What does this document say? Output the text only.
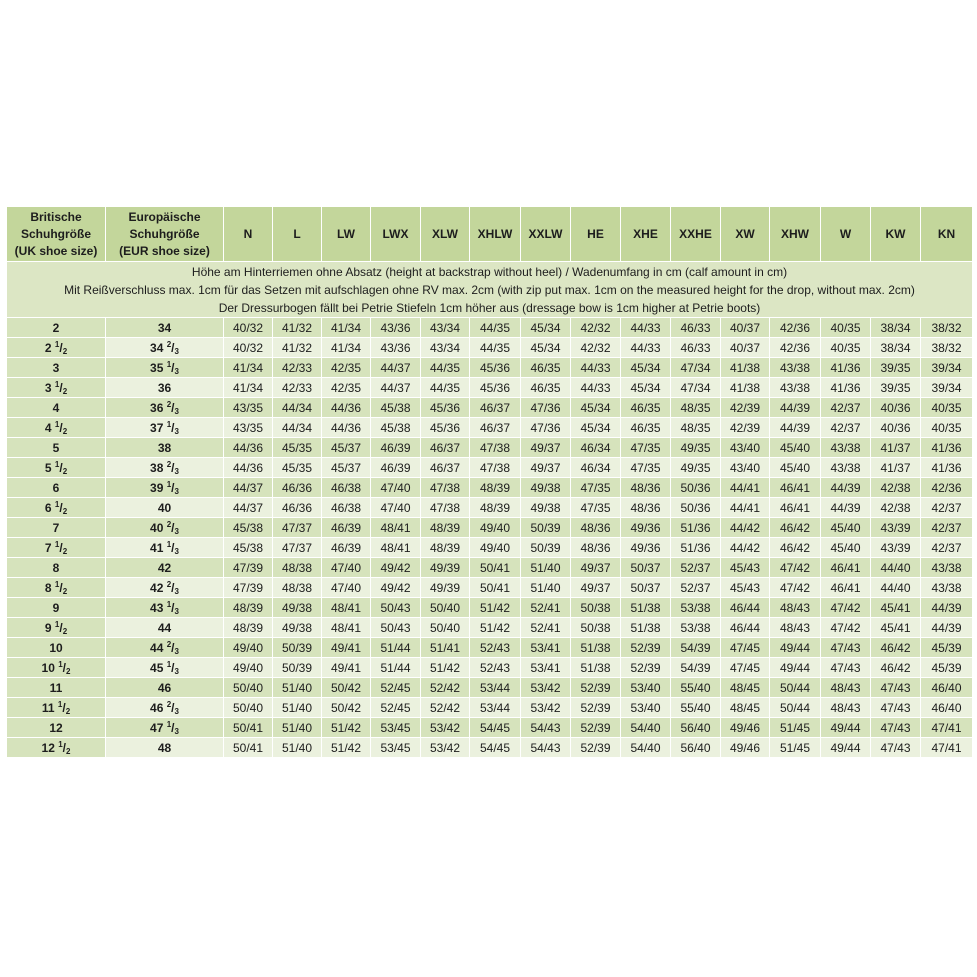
Britische Schuhgröße (UK shoe size)	Europäische Schuhgröße (EUR shoe size)	N	L	LW	LWX	XLW	XHLW	XXLW	HE	XHE	XXHE	XW	XHW	W	KW	KN

Höhe am Hinterriemen ohne Absatz (height at backstrap without heel) / Wadenumfang in cm (calf amount in cm)
Mit Reißverschluss max. 1cm für das Setzen mit aufschlagen ohne RV max. 2cm (with zip put max. 1cm on the measured height for the drop, without max. 2cm)
Der Dressurbogen fällt bei Petrie Stiefeln 1cm höher aus (dressage bow is 1cm higher at Petrie boots)																

2	34	40/32	41/32	41/34	43/36	43/34	44/35	45/34	42/32	44/33	46/33	40/37	42/36	40/35	38/34	38/32
2 $^1/_2$	34 $^2/_3$	40/32	41/32	41/34	43/36	43/34	44/35	45/34	42/32	44/33	46/33	40/37	42/36	40/35	38/34	38/32
3	35 $^1/_3$	41/34	42/33	42/35	44/37	44/35	45/36	46/35	44/33	45/34	47/34	41/38	43/38	41/36	39/35	39/34
3 $^1/_2$	36	41/34	42/33	42/35	44/37	44/35	45/36	46/35	44/33	45/34	47/34	41/38	43/38	41/36	39/35	39/34
4	36 $^2/_3$	43/35	44/34	44/36	45/38	45/36	46/37	47/36	45/34	46/35	48/35	42/39	44/39	42/37	40/36	40/35
4 $^1/_2$	37 $^1/_3$	43/35	44/34	44/36	45/38	45/36	46/37	47/36	45/34	46/35	48/35	42/39	44/39	42/37	40/36	40/35
5	38	44/36	45/35	45/37	46/39	46/37	47/38	49/37	46/34	47/35	49/35	43/40	45/40	43/38	41/37	41/36
5 $^1/_2$	38 $^2/_3$	44/36	45/35	45/37	46/39	46/37	47/38	49/37	46/34	47/35	49/35	43/40	45/40	43/38	41/37	41/36
6	39 $^1/_3$	44/37	46/36	46/38	47/40	47/38	48/39	49/38	47/35	48/36	50/36	44/41	46/41	44/39	42/38	42/36
6 $^1/_2$	40	44/37	46/36	46/38	47/40	47/38	48/39	49/38	47/35	48/36	50/36	44/41	46/41	44/39	42/38	42/37
7	40 $^2/_3$	45/38	47/37	46/39	48/41	48/39	49/40	50/39	48/36	49/36	51/36	44/42	46/42	45/40	43/39	42/37
7 $^1/_2$	41 $^1/_3$	45/38	47/37	46/39	48/41	48/39	49/40	50/39	48/36	49/36	51/36	44/42	46/42	45/40	43/39	42/37
8	42	47/39	48/38	47/40	49/42	49/39	50/41	51/40	49/37	50/37	52/37	45/43	47/42	46/41	44/40	43/38
8 $^1/_2$	42 $^2/_3$	47/39	48/38	47/40	49/42	49/39	50/41	51/40	49/37	50/37	52/37	45/43	47/42	46/41	44/40	43/38
9	43 $^1/_3$	48/39	49/38	48/41	50/43	50/40	51/42	52/41	50/38	51/38	53/38	46/44	48/43	47/42	45/41	44/39
9 $^1/_2$	44	48/39	49/38	48/41	50/43	50/40	51/42	52/41	50/38	51/38	53/38	46/44	48/43	47/42	45/41	44/39
10	44 $^2/_3$	49/40	50/39	49/41	51/44	51/41	52/43	53/41	51/38	52/39	54/39	47/45	49/44	47/43	46/42	45/39
10 $^1/_2$	45 $^1/_3$	49/40	50/39	49/41	51/44	51/42	52/43	53/41	51/38	52/39	54/39	47/45	49/44	47/43	46/42	45/39
11	46	50/40	51/40	50/42	52/45	52/42	53/44	53/42	52/39	53/40	55/40	48/45	50/44	48/43	47/43	46/40
11 $^1/_2$	46 $^2/_3$	50/40	51/40	50/42	52/45	52/42	53/44	53/42	52/39	53/40	55/40	48/45	50/44	48/43	47/43	46/40
12	47 $^1/_3$	50/41	51/40	51/42	53/45	53/42	54/45	54/43	52/39	54/40	56/40	49/46	51/45	49/44	47/43	47/41
12 $^1/_2$	48	50/41	51/40	51/42	53/45	53/42	54/45	54/43	52/39	54/40	56/40	49/46	51/45	49/44	47/43	47/41
